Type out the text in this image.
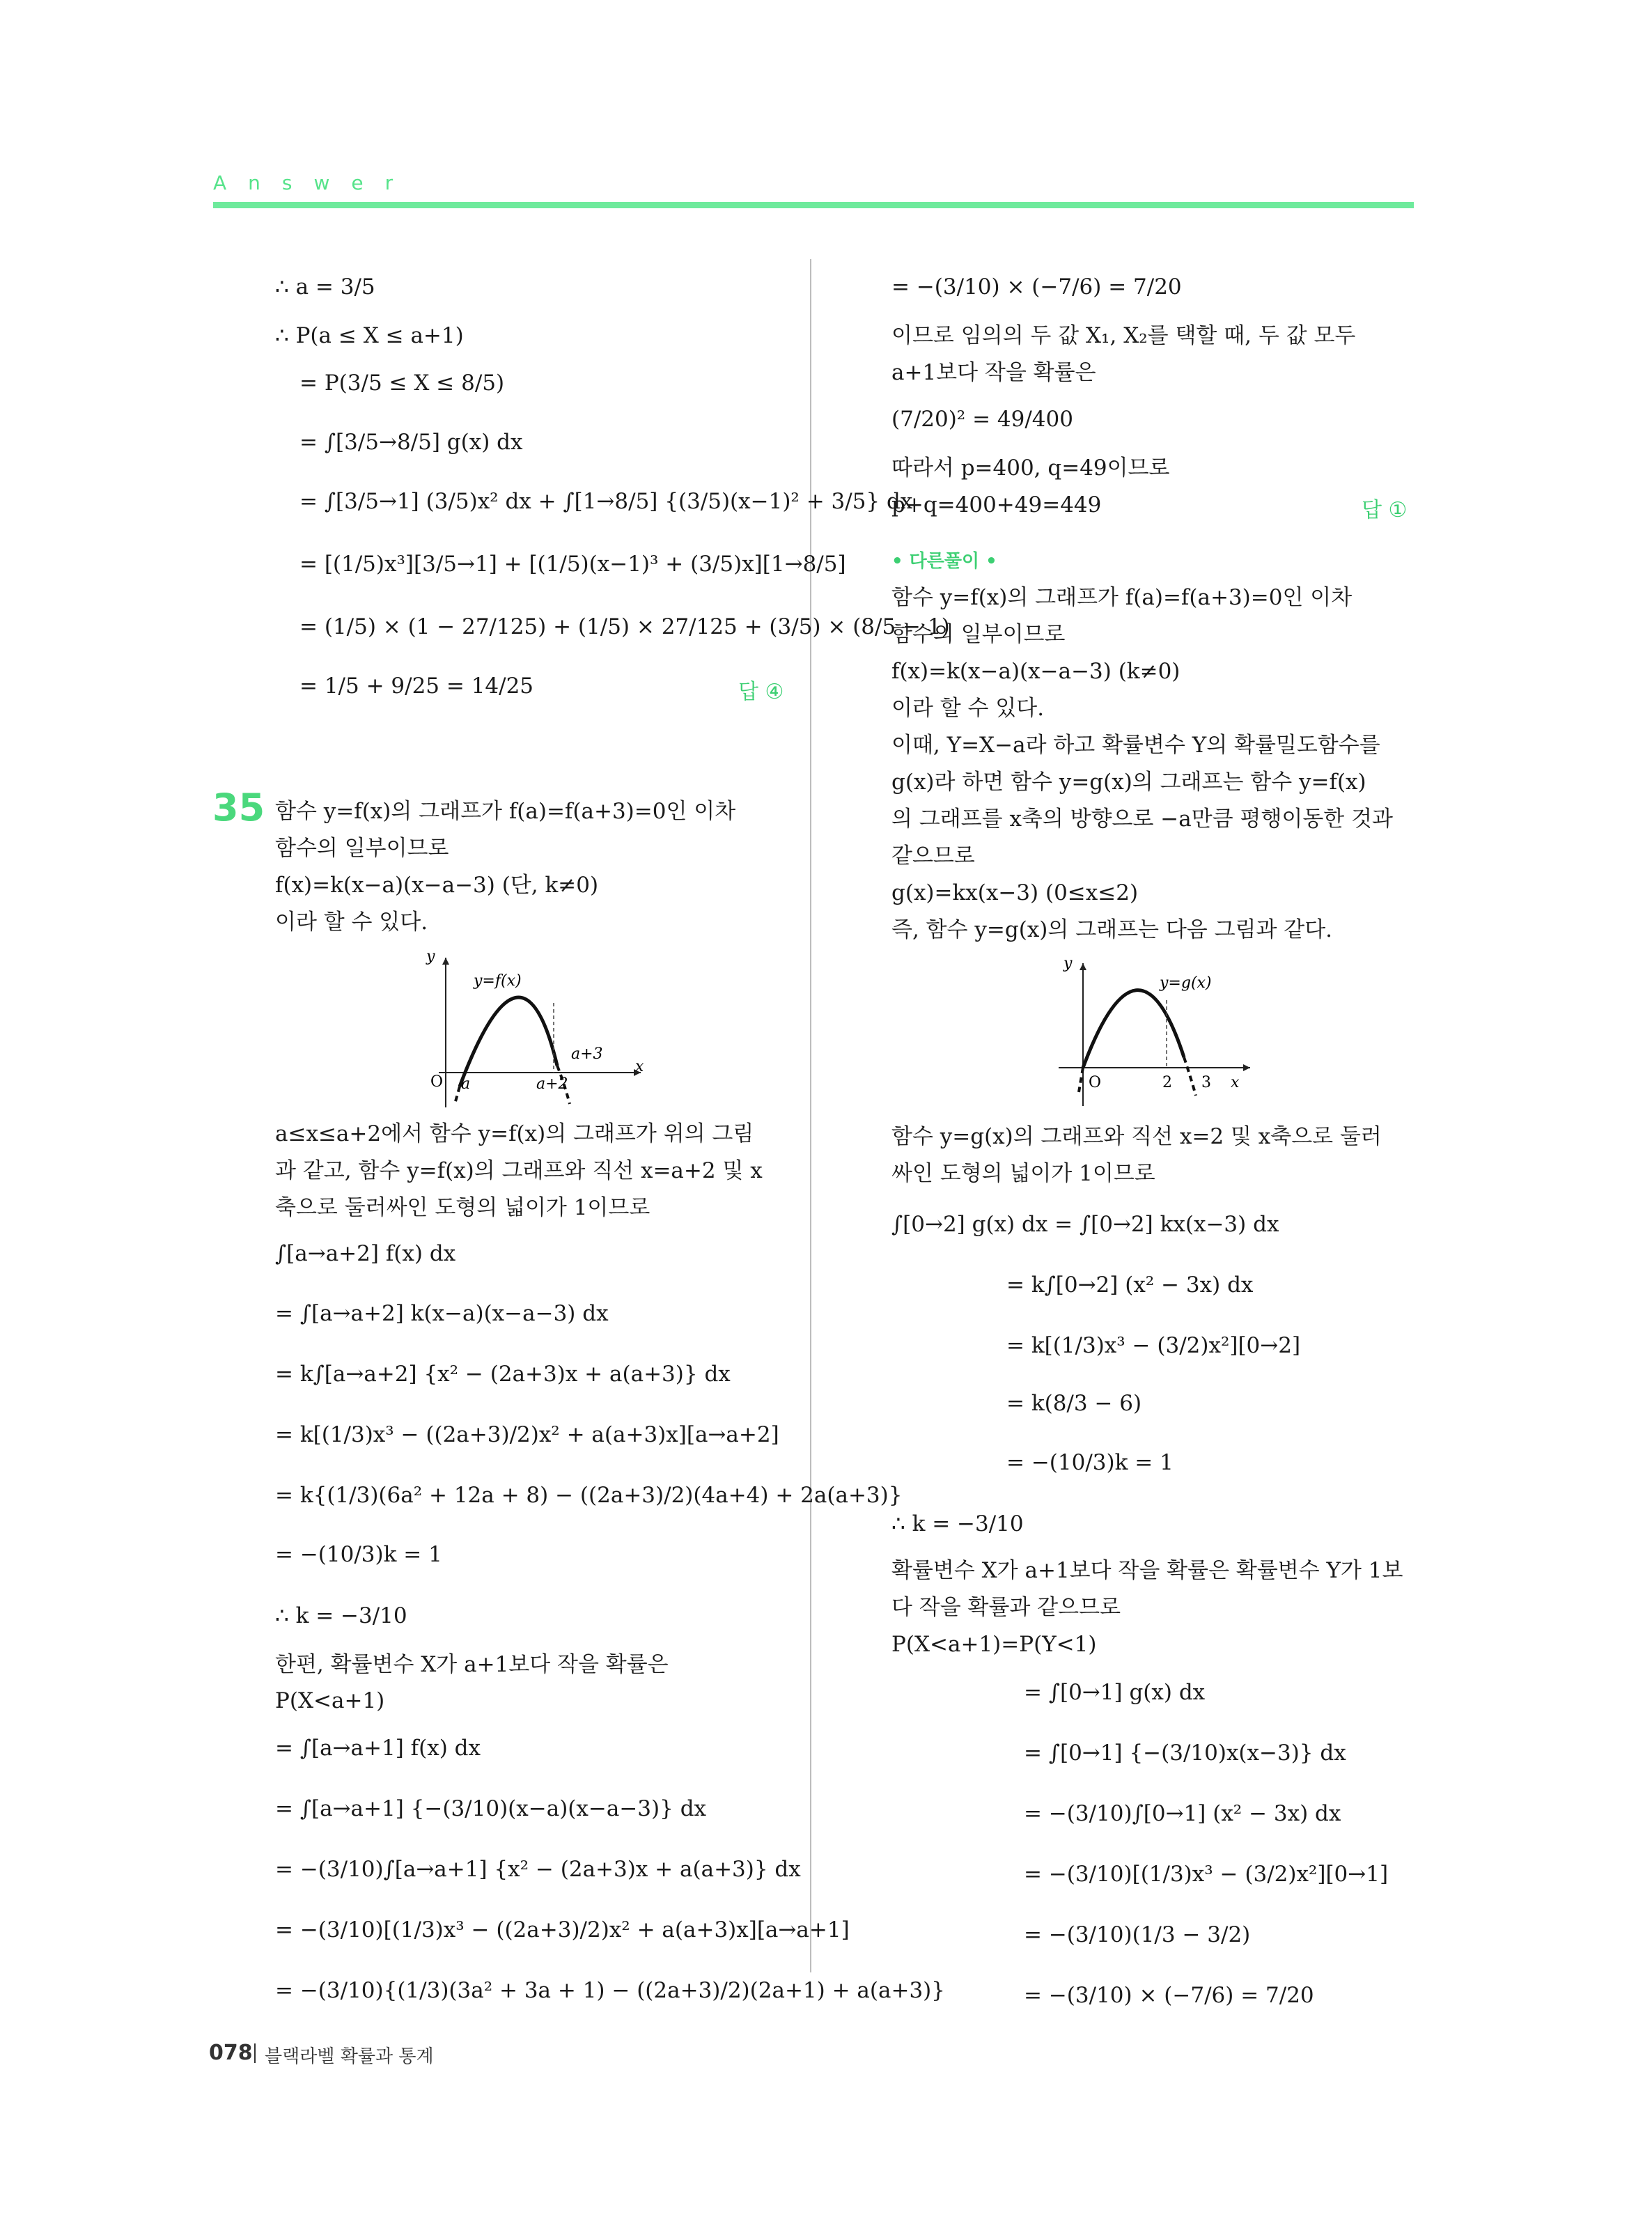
Answer
∴ a = 3/5
∴ P(a ≤ X ≤ a+1)
= P(3/5 ≤ X ≤ 8/5)
= ∫[3/5→8/5] g(x) dx
= ∫[3/5→1] (3/5)x² dx + ∫[1→8/5] {(3/5)(x−1)² + 3/5} dx
= [(1/5)x³][3/5→1] + [(1/5)(x−1)³ + (3/5)x][1→8/5]
= (1/5) × (1 − 27/125) + (1/5) × 27/125 + (3/5) × (8/5 − 1)
= 1/5 + 9/25 = 14/25	답 ④
35 함수 y=f(x)의 그래프가 f(a)=f(a+3)=0인 이차
함수의 일부이므로
f(x)=k(x−a)(x−a−3) (단, k≠0)
이라 할 수 있다.
y
x
O
y=f(x)
a	a+2
a+3
a≤x≤a+2에서 함수 y=f(x)의 그래프가 위의 그림
과 같고, 함수 y=f(x)의 그래프와 직선 x=a+2 및 x
축으로 둘러싸인 도형의 넓이가 1이므로
∫[a→a+2] f(x) dx
= ∫[a→a+2] k(x−a)(x−a−3) dx
= k∫[a→a+2] {x² − (2a+3)x + a(a+3)} dx
= k[(1/3)x³ − ((2a+3)/2)x² + a(a+3)x][a→a+2]
= k{(1/3)(6a² + 12a + 8) − ((2a+3)/2)(4a+4) + 2a(a+3)}
= −(10/3)k = 1
∴ k = −3/10
한편, 확률변수 X가 a+1보다 작을 확률은
P(X<a+1)
= ∫[a→a+1] f(x) dx
= ∫[a→a+1] {−(3/10)(x−a)(x−a−3)} dx
= −(3/10)∫[a→a+1] {x² − (2a+3)x + a(a+3)} dx
= −(3/10)[(1/3)x³ − ((2a+3)/2)x² + a(a+3)x][a→a+1]
= −(3/10){(1/3)(3a² + 3a + 1) − ((2a+3)/2)(2a+1) + a(a+3)}
= −(3/10) × (−7/6) = 7/20
이므로 임의의 두 값 X₁, X₂를 택할 때, 두 값 모두
a+1보다 작을 확률은
(7/20)² = 49/400
따라서 p=400, q=49이므로
p+q=400+49=449	답 ①
• 다른풀이 •
함수 y=f(x)의 그래프가 f(a)=f(a+3)=0인 이차
함수의 일부이므로
f(x)=k(x−a)(x−a−3) (k≠0)
이라 할 수 있다.
이때, Y=X−a라 하고 확률변수 Y의 확률밀도함수를
g(x)라 하면 함수 y=g(x)의 그래프는 함수 y=f(x)
의 그래프를 x축의 방향으로 −a만큼 평행이동한 것과
같으므로
g(x)=kx(x−3) (0≤x≤2)
즉, 함수 y=g(x)의 그래프는 다음 그림과 같다.
y
x
O
y=g(x)
2 3
함수 y=g(x)의 그래프와 직선 x=2 및 x축으로 둘러
싸인 도형의 넓이가 1이므로
∫[0→2] g(x) dx = ∫[0→2] kx(x−3) dx
= k∫[0→2] (x² − 3x) dx
= k[(1/3)x³ − (3/2)x²][0→2]
= k(8/3 − 6)
= −(10/3)k = 1
∴ k = −3/10
확률변수 X가 a+1보다 작을 확률은 확률변수 Y가 1보
다 작을 확률과 같으므로
P(X<a+1)=P(Y<1)
= ∫[0→1] g(x) dx
= ∫[0→1] {−(3/10)x(x−3)} dx
= −(3/10)∫[0→1] (x² − 3x) dx
= −(3/10)[(1/3)x³ − (3/2)x²][0→1]
= −(3/10)(1/3 − 3/2)
= −(3/10) × (−7/6) = 7/20
078 블랙라벨 확률과 통계
